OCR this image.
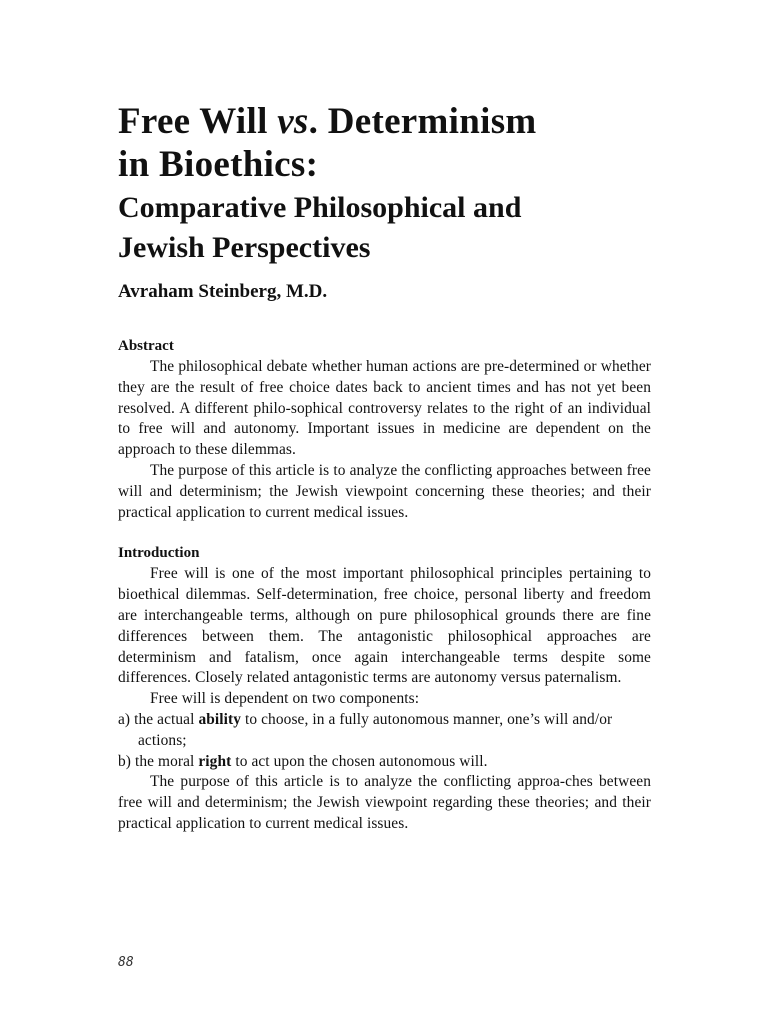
Free Will vs. Determinism
in Bioethics:
Comparative Philosophical and
Jewish Perspectives

Avraham Steinberg, M.D.

Abstract

The philosophical debate whether human actions are pre-determined or whether they are the result of free choice dates back to ancient times and has not yet been resolved. A different philo-sophical controversy relates to the right of an individual to free will and autonomy. Important issues in medicine are dependent on the approach to these dilemmas.

The purpose of this article is to analyze the conflicting approaches between free will and determinism; the Jewish viewpoint concerning these theories; and their practical application to current medical issues.

Introduction

Free will is one of the most important philosophical principles pertaining to bioethical dilemmas. Self-determination, free choice, personal liberty and freedom are interchangeable terms, although on pure philosophical grounds there are fine differences between them. The antagonistic philosophical approaches are determinism and fatalism, once again interchangeable terms despite some differences. Closely related antagonistic terms are autonomy versus paternalism.

Free will is dependent on two components:

a) the actual ability to choose, in a fully autonomous manner, one’s will and/or actions;

b) the moral right to act upon the chosen autonomous will.

The purpose of this article is to analyze the conflicting approa-ches between free will and determinism; the Jewish viewpoint regarding these theories; and their practical application to current medical issues.

88
